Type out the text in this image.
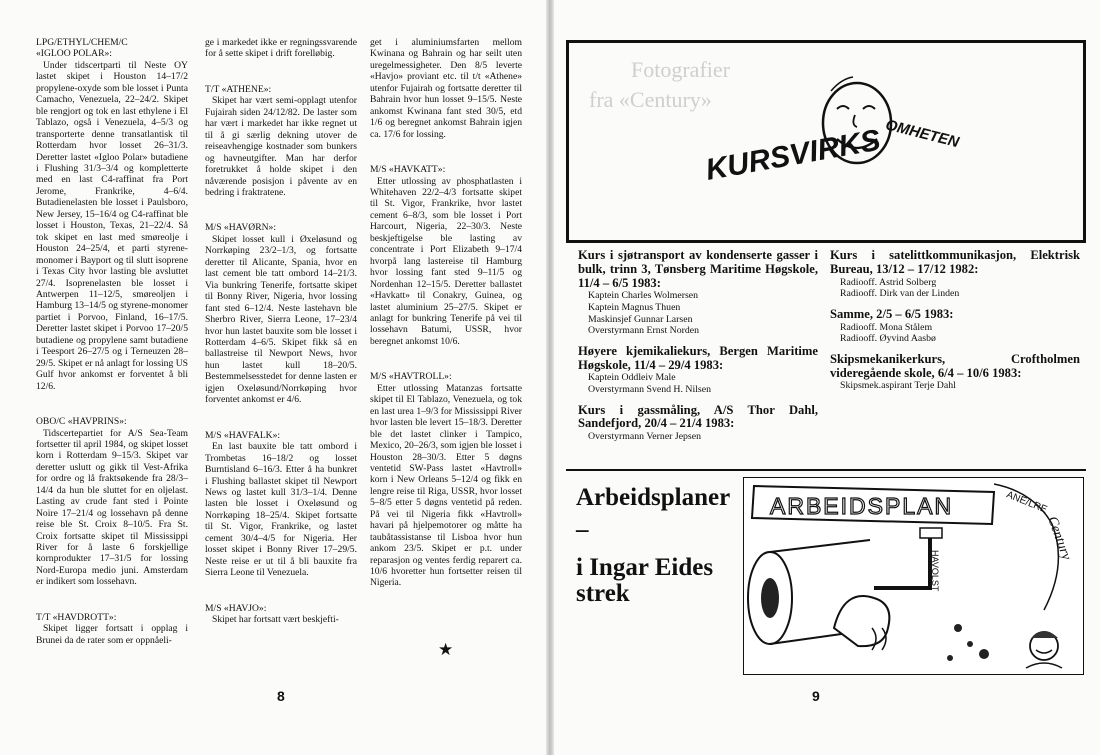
LPG/ETHYL/CHEM/C
«IGLOO POLAR»:
Under tidscertparti til Neste OY lastet skipet i Houston 14–17/2 propylene-oxyde som ble losset i Punta Camacho, Venezuela, 22–24/2. Skipet ble rengjort og tok en last ethylene i El Tablazo, også i Venezuela, 4–5/3 og transporterte denne transatlantisk til Rotterdam hvor losset 26–31/3. Deretter lastet «Igloo Polar» butadiene i Flushing 31/3–3/4 og kompletterte med en last C4-raffinat fra Port Jerome, Frankrike, 4–6/4. Butadienelasten ble losset i Paulsboro, New Jersey, 15–16/4 og C4-raffinat ble losset i Houston, Texas, 21–22/4. Så tok skipet en last med smøreolje i Houston 24–25/4, et parti styrene-monomer i Bayport og til slutt isoprene i Texas City hvor lasting ble avsluttet 27/4. Isoprenelasten ble losset i Antwerpen 11–12/5, smøreoljen i Hamburg 13–14/5 og styrene-monomer partiet i Porvoo, Finland, 16–17/5. Deretter lastet skipet i Porvoo 17–20/5 butadiene og propylene samt butadiene i Teesport 26–27/5 og i Terneuzen 28–29/5. Skipet er nå anlagt for lossing US Gulf hvor ankomst er forventet å bli 12/6.
OBO/C «HAVPRINS»:
Tidscertepartiet for A/S Sea-Team fortsetter til april 1984, og skipet losset korn i Rotterdam 9–15/3. Skipet var deretter uslutt og gikk til Vest-Afrika for ordre og lå fraktsøkende fra 28/3–14/4 da hun ble sluttet for en oljelast. Lasting av crude fant sted i Pointe Noire 17–21/4 og lossehavn på denne reise ble St. Croix 8–10/5. Fra St. Croix fortsatte skipet til Mississippi River for å laste 6 forskjellige kornprodukter 17–31/5 for lossing Nord-Europa medio juni. Amsterdam er indikert som lossehavn.
T/T «HAVDROTT»:
Skipet ligger fortsatt i opplag i Brunei da de rater som er oppnåeli-
ge i markedet ikke er regningssvarende for å sette skipet i drift forelløbig.
T/T «ATHENE»:
Skipet har vært semi-opplagt utenfor Fujairah siden 24/12/82. De laster som har vært i markedet har ikke regnet ut til å gi særlig dekning utover de reiseavhengige kostnader som bunkers og havneutgifter. Man har derfor foretrukket å holde skipet i den nåværende posisjon i påvente av en bedring i fraktratene.
M/S «HAVØRN»:
Skipet losset kull i Øxeløsund og Norrkøping 23/2–1/3, og fortsatte deretter til Alicante, Spania, hvor en last cement ble tatt ombord 14–21/3. Via bunkring Tenerife, fortsatte skipet til Bonny River, Nigeria, hvor lossing fant sted 6–12/4. Neste lastehavn ble Sherbro River, Sierra Leone, 17–23/4 hvor hun lastet bauxite som ble losset i Rotterdam 4–6/5. Skipet fikk så en ballastreise til Newport News, hvor hun lastet kull 18–20/5. Bestemmelsesstedet for denne lasten er igjen Oxeløsund/Norrkøping hvor forventet ankomst er 4/6.
M/S «HAVFALK»:
En last bauxite ble tatt ombord i Trombetas 16–18/2 og losset Burntisland 6–16/3. Etter å ha bunkret i Flushing ballastet skipet til Newport News og lastet kull 31/3–1/4. Denne lasten ble losset i Oxeløsund og Norrkøping 18–25/4. Skipet fortsatte til St. Vigor, Frankrike, og lastet cement 30/4–4/5 for Nigeria. Her losset skipet i Bonny River 17–29/5. Neste reise er ut til å bli bauxite fra Sierra Leone til Venezuela.
M/S «HAVJO»:
Skipet har fortsatt vært beskjefti-
get i aluminiumsfarten mellom Kwinana og Bahrain og har seilt uten uregelmessigheter. Den 8/5 leverte «Havjo» proviant etc. til t/t «Athene» utenfor Fujairah og fortsatte deretter til Bahrain hvor hun losset 9–15/5. Neste ankomst Kwinana fant sted 30/5, etd 1/6 og beregnet ankomst Bahrain igjen ca. 17/6 for lossing.
M/S «HAVKATT»:
Etter utlossing av phosphatlasten i Whitehaven 22/2–4/3 fortsatte skipet til St. Vigor, Frankrike, hvor lastet cement 6–8/3, som ble losset i Port Harcourt, Nigeria, 22–30/3. Neste beskjeftigelse ble lasting av concentrate i Port Elizabeth 9–17/4 hvorpå lang lastereise til Hamburg hvor lossing fant sted 9–11/5 og Nordenhan 12–15/5. Deretter ballastet «Havkatt» til Conakry, Guinea, og lastet aluminium 25–27/5. Skipet er anlagt for bunkring Tenerife på vei til lossehavn Batumi, USSR, hvor beregnet ankomst 10/6.
M/S «HAVTROLL»:
Etter utlossing Matanzas fortsatte skipet til El Tablazo, Venezuela, og tok en last urea 1–9/3 for Mississippi River hvor lasten ble levert 15–18/3. Deretter ble det lastet clinker i Tampico, Mexico, 20–26/3, som igjen ble losset i Houston 28–30/3. Etter 5 døgns ventetid SW-Pass lastet «Havtroll» korn i New Orleans 5–12/4 og fikk en lengre reise til Riga, USSR, hvor losset 5–8/5 etter 5 døgns ventetid på reden. På vei til Nigeria fikk «Havtroll» havari på hjelpemotorer og måtte ha taubåtassistanse til Lisboa hvor hun ankom 23/5. Skipet er p.t. under reparasjon og ventes ferdig reparert ca. 10/6 hvoretter hun fortsetter reisen til Nigeria.
★
8
Fotografier
fra «Century»
KURSVIRKS OMHETEN
Kurs i sjøtransport av kondenserte gasser i bulk, trinn 3, Tønsberg Maritime Høgskole, 11/4 – 6/5 1983:
Kaptein Charles Wolmersen
Kaptein Magnus Thuen
Maskinsjef Gunnar Larsen
Overstyrmann Ernst Norden
Høyere kjemikaliekurs, Bergen Maritime Høgskole, 11/4 – 29/4 1983:
Kaptein Oddleiv Male
Overstyrmann Svend H. Nilsen
Kurs i gassmåling, A/S Thor Dahl, Sandefjord, 20/4 – 21/4 1983:
Overstyrmann Verner Jepsen
Kurs i satelittkommunikasjon, Elektrisk Bureau, 13/12 – 17/12 1982:
Radiooff. Astrid Solberg
Radiooff. Dirk van der Linden
Samme, 2/5 – 6/5 1983:
Radiooff. Mona Stålem
Radiooff. Øyvind Aasbø
Skipsmekanikerkurs, Croftholmen videregående skole, 6/4 – 10/6 1983:
Skipsmek.aspirant Terje Dahl
Arbeidsplaner
–
i Ingar Eides
strek
ARBEIDSPLAN	ANE/LRE
Century
HAVOLST
9
